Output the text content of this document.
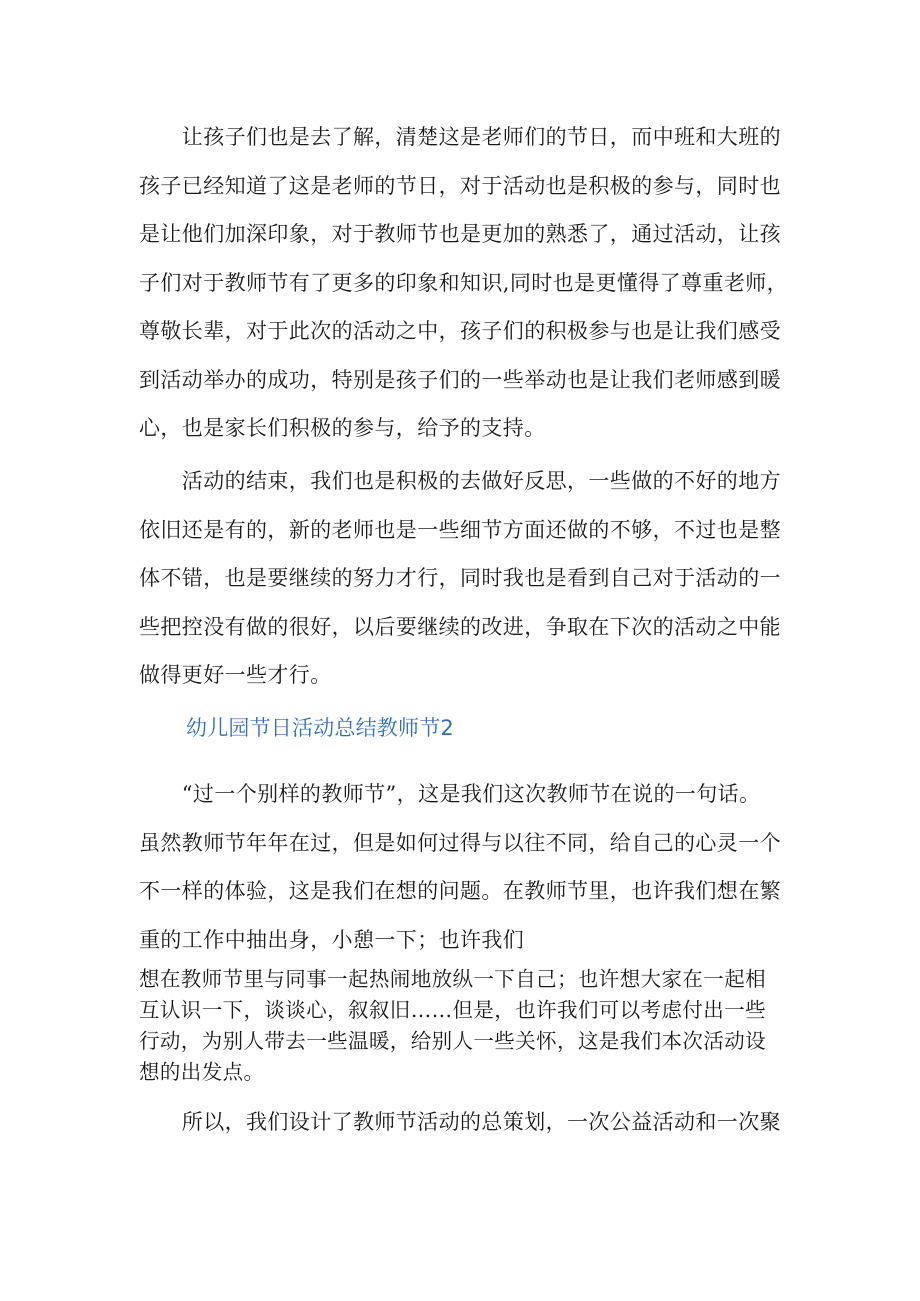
　　让孩子们也是去了解，清楚这是老师们的节日，而中班和大班的
孩子已经知道了这是老师的节日，对于活动也是积极的参与，同时也
是让他们加深印象，对于教师节也是更加的熟悉了，通过活动，让孩
子们对于教师节有了更多的印象和知识,同时也是更懂得了尊重老师，
尊敬长辈，对于此次的活动之中，孩子们的积极参与也是让我们感受
到活动举办的成功，特别是孩子们的一些举动也是让我们老师感到暖
心，也是家长们积极的参与，给予的支持。

　　活动的结束，我们也是积极的去做好反思，一些做的不好的地方
依旧还是有的，新的老师也是一些细节方面还做的不够，不过也是整
体不错，也是要继续的努力才行，同时我也是看到自己对于活动的一
些把控没有做的很好，以后要继续的改进，争取在下次的活动之中能
做得更好一些才行。

幼儿园节日活动总结教师节2

　　“过一个别样的教师节”，这是我们这次教师节在说的一句话。
虽然教师节年年在过，但是如何过得与以往不同，给自己的心灵一个
不一样的体验，这是我们在想的问题。在教师节里，也许我们想在繁
重的工作中抽出身，小憩一下；也许我们

想在教师节里与同事一起热闹地放纵一下自己；也许想大家在一起相
互认识一下，谈谈心，叙叙旧……但是，也许我们可以考虑付出一些
行动，为别人带去一些温暖，给别人一些关怀，这是我们本次活动设
想的出发点。

　　所以，我们设计了教师节活动的总策划，一次公益活动和一次聚
